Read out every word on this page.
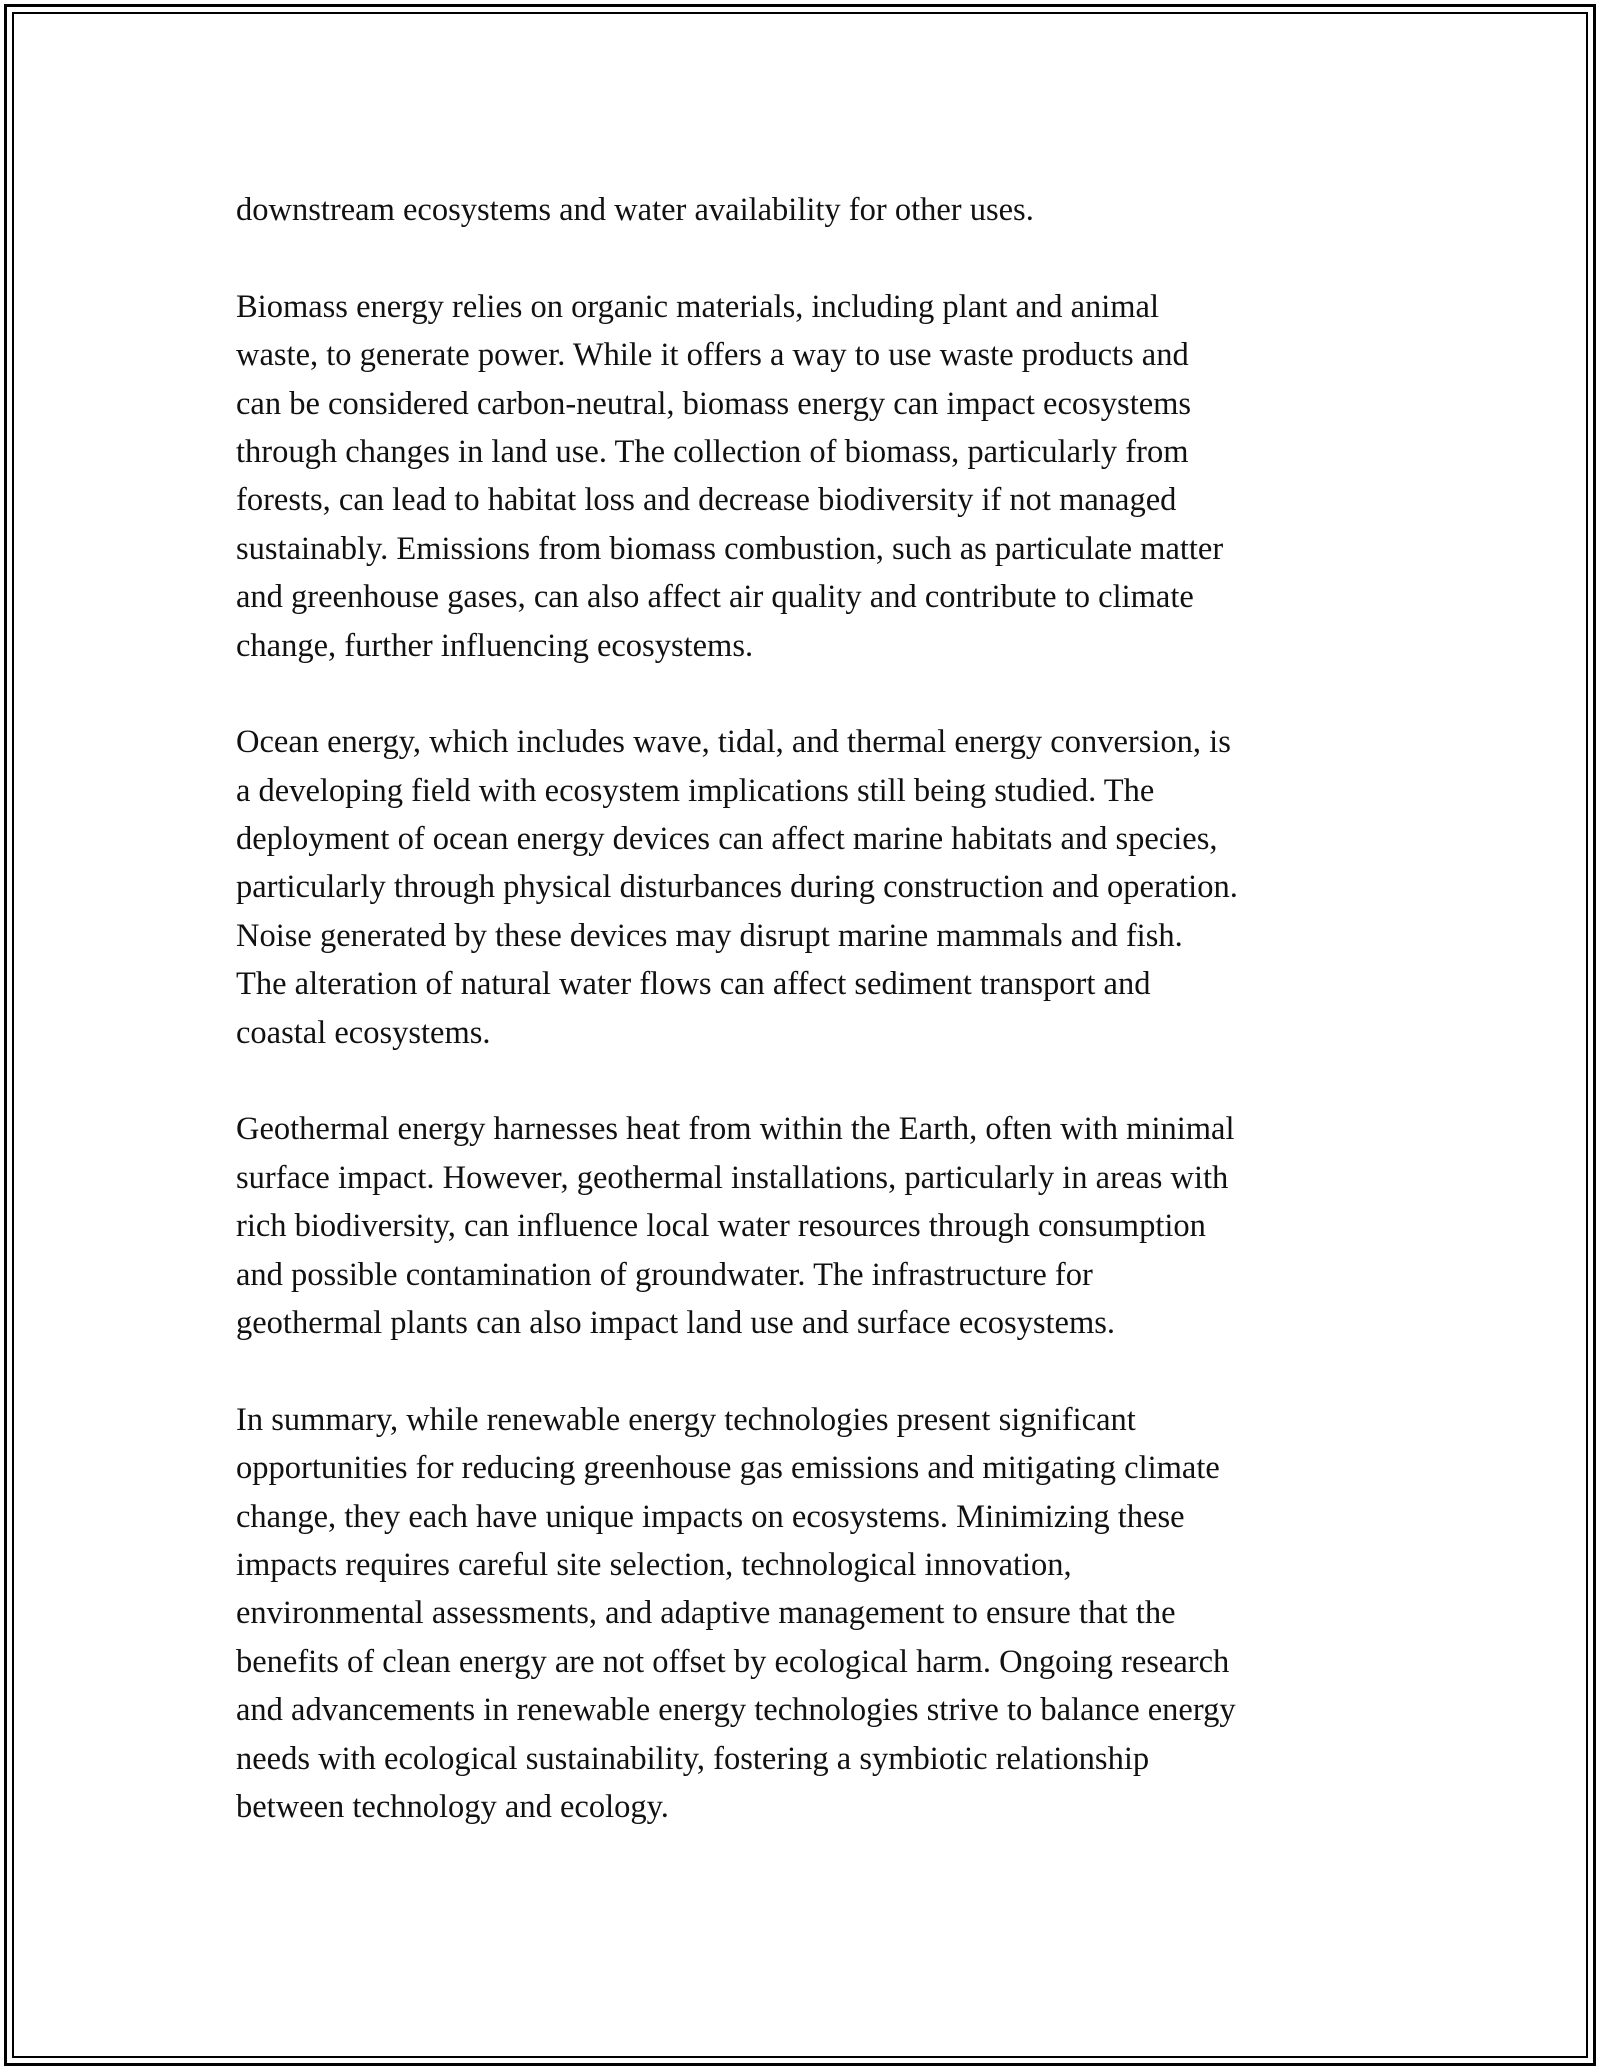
downstream ecosystems and water availability for other uses.

Biomass energy relies on organic materials, including plant and animal
waste, to generate power. While it offers a way to use waste products and
can be considered carbon-neutral, biomass energy can impact ecosystems
through changes in land use. The collection of biomass, particularly from
forests, can lead to habitat loss and decrease biodiversity if not managed
sustainably. Emissions from biomass combustion, such as particulate matter
and greenhouse gases, can also affect air quality and contribute to climate
change, further influencing ecosystems.

Ocean energy, which includes wave, tidal, and thermal energy conversion, is
a developing field with ecosystem implications still being studied. The
deployment of ocean energy devices can affect marine habitats and species,
particularly through physical disturbances during construction and operation.
Noise generated by these devices may disrupt marine mammals and fish.
The alteration of natural water flows can affect sediment transport and
coastal ecosystems.

Geothermal energy harnesses heat from within the Earth, often with minimal
surface impact. However, geothermal installations, particularly in areas with
rich biodiversity, can influence local water resources through consumption
and possible contamination of groundwater. The infrastructure for
geothermal plants can also impact land use and surface ecosystems.

In summary, while renewable energy technologies present significant
opportunities for reducing greenhouse gas emissions and mitigating climate
change, they each have unique impacts on ecosystems. Minimizing these
impacts requires careful site selection, technological innovation,
environmental assessments, and adaptive management to ensure that the
benefits of clean energy are not offset by ecological harm. Ongoing research
and advancements in renewable energy technologies strive to balance energy
needs with ecological sustainability, fostering a symbiotic relationship
between technology and ecology.
